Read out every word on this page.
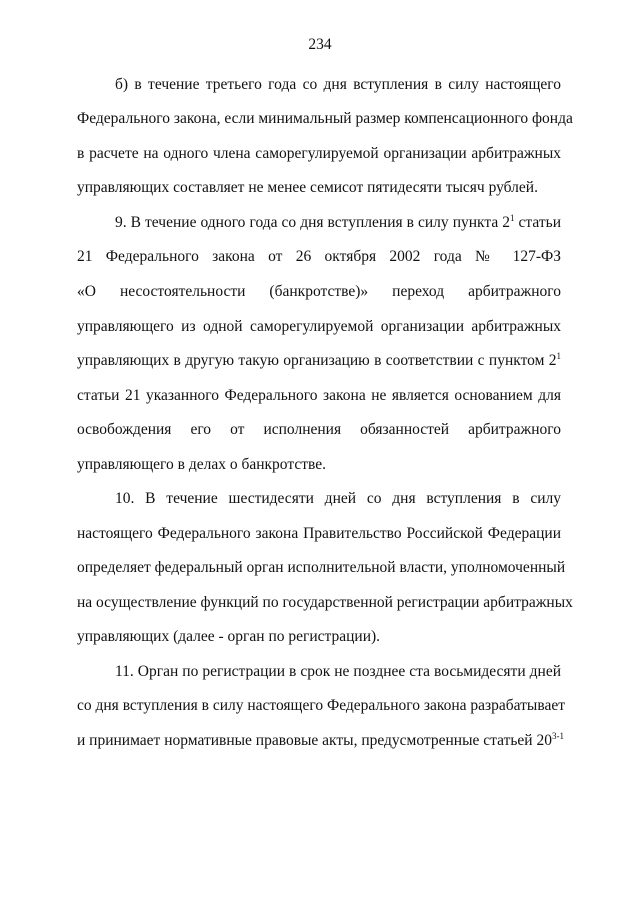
234
б) в течение третьего года со дня вступления в силу настоящего
Федерального закона, если минимальный размер компенсационного фонда
в расчете на одного члена саморегулируемой организации арбитражных
управляющих составляет не менее семисот пятидесяти тысяч рублей.
9. В течение одного года со дня вступления в силу пункта $2^1$ статьи
21 Федерального закона от 26 октября 2002 года № 127-ФЗ
«О несостоятельности (банкротстве)» переход арбитражного
управляющего из одной саморегулируемой организации арбитражных
управляющих в другую такую организацию в соответствии с пунктом $2^1$
статьи 21 указанного Федерального закона не является основанием для
освобождения его от исполнения обязанностей арбитражного
управляющего в делах о банкротстве.
10. В течение шестидесяти дней со дня вступления в силу
настоящего Федерального закона Правительство Российской Федерации
определяет федеральный орган исполнительной власти, уполномоченный
на осуществление функций по государственной регистрации арбитражных
управляющих (далее - орган по регистрации).
11. Орган по регистрации в срок не позднее ста восьмидесяти дней
со дня вступления в силу настоящего Федерального закона разрабатывает
и принимает нормативные правовые акты, предусмотренные статьей 20$^{3-1}$
